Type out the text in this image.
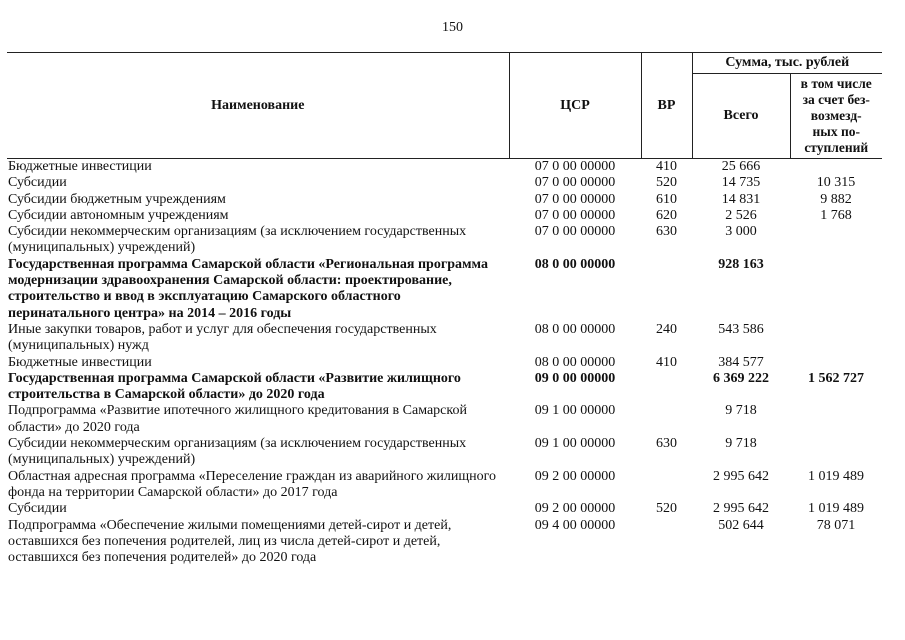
150
Наименование	ЦСР	ВР	Сумма, тыс. рублей	
			Всего	в том числе
за счет без-
возмезд-
ных по-
ступлений
Бюджетные инвестиции	07 0 00 00000	410	25 666	
Субсидии	07 0 00 00000	520	14 735	10 315
Субсидии бюджетным учреждениям	07 0 00 00000	610	14 831	9 882
Субсидии автономным учреждениям	07 0 00 00000	620	2 526	1 768
Субсидии некоммерческим организациям (за исключением государственных (муниципальных) учреждений)	07 0 00 00000	630	3 000	
Государственная программа Самарской области «Региональная программа модернизации здравоохранения Самарской области: проектирование, строительство и ввод в эксплуатацию Самарского областного перинатального центра» на 2014 – 2016 годы	08 0 00 00000		928 163	
Иные закупки товаров, работ и услуг для обеспечения государственных (муниципальных) нужд	08 0 00 00000	240	543 586	
Бюджетные инвестиции	08 0 00 00000	410	384 577	
Государственная программа Самарской области «Развитие жилищного строительства в Самарской области» до 2020 года	09 0 00 00000		6 369 222	1 562 727
Подпрограмма «Развитие ипотечного жилищного кредитования в Самарской области» до 2020 года	09 1 00 00000		9 718	
Субсидии некоммерческим организациям (за исключением государственных (муниципальных) учреждений)	09 1 00 00000	630	9 718	
Областная адресная программа «Переселение граждан из аварийного жилищного фонда на территории Самарской области» до 2017 года	09 2 00 00000		2 995 642	1 019 489
Субсидии	09 2 00 00000	520	2 995 642	1 019 489
Подпрограмма «Обеспечение жилыми помещениями детей-сирот и детей, оставшихся без попечения родителей, лиц из числа детей-сирот и детей, оставшихся без попечения родителей» до 2020 года	09 4 00 00000		502 644	78 071
